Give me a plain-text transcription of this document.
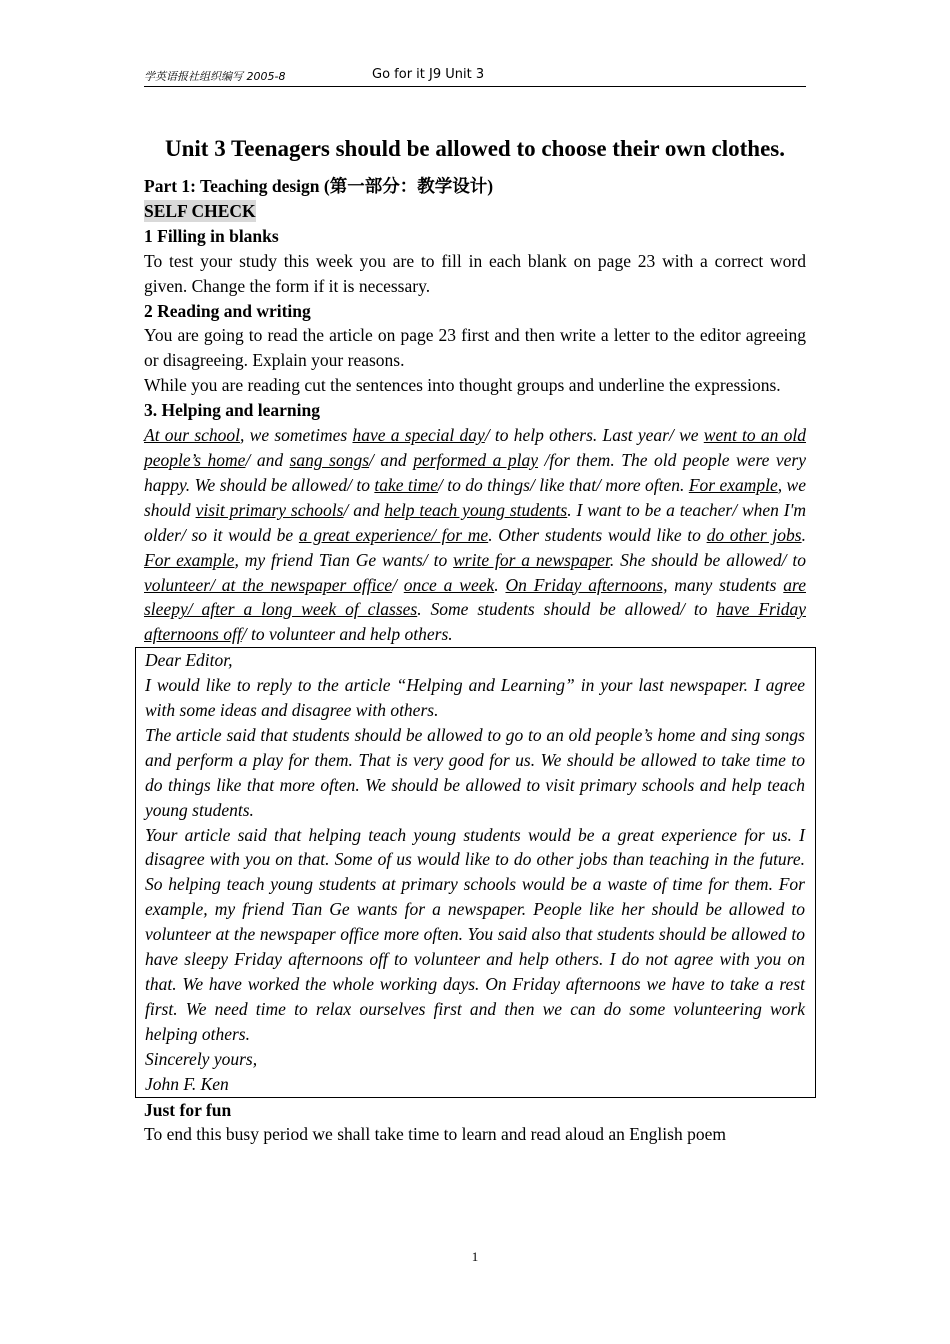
学英语报社组织编写 2005-8	Go for it J9 Unit 3
Unit 3 Teenagers should be allowed to choose their own clothes.

Part 1: Teaching design (第一部分：教学设计)

SELF CHECK

1 Filling in blanks

To test your study this week you are to fill in each blank on page 23 with a correct word given. Change the form if it is necessary.

2 Reading and writing

You are going to read the article on page 23 first and then write a letter to the editor agreeing or disagreeing. Explain your reasons.

While you are reading cut the sentences into thought groups and underline the expressions.

3. Helping and learning

At our school, we sometimes have a special day/ to help others. Last year/ we went to an old people’s home/ and sang songs/ and performed a play /for them. The old people were very happy. We should be allowed/ to take time/ to do things/ like that/ more often. For example, we should visit primary schools/ and help teach young students. I want to be a teacher/ when I'm older/ so it would be a great experience/ for me. Other students would like to do other jobs. For example, my friend Tian Ge wants/ to write for a newspaper. She should be allowed/ to volunteer/ at the newspaper office/ once a week. On Friday afternoons, many students are sleepy/ after a long week of classes. Some students should be allowed/ to have Friday afternoons off/ to volunteer and help others.

Dear Editor,

I would like to reply to the article “Helping and Learning” in your last newspaper. I agree with some ideas and disagree with others.

The article said that students should be allowed to go to an old people’s home and sing songs and perform a play for them. That is very good for us. We should be allowed to take time to do things like that more often. We should be allowed to visit primary schools and help teach young students.

Your article said that helping teach young students would be a great experience for us. I disagree with you on that. Some of us would like to do other jobs than teaching in the future. So helping teach young students at primary schools would be a waste of time for them. For example, my friend Tian Ge wants for a newspaper. People like her should be allowed to volunteer at the newspaper office more often. You said also that students should be allowed to have sleepy Friday afternoons off to volunteer and help others. I do not agree with you on that. We have worked the whole working days. On Friday afternoons we have to take a rest first. We need time to relax ourselves first and then we can do some volunteering work helping others.

Sincerely yours,

John F. Ken

Just for fun

To end this busy period we shall take time to learn and read aloud an English poem

1
